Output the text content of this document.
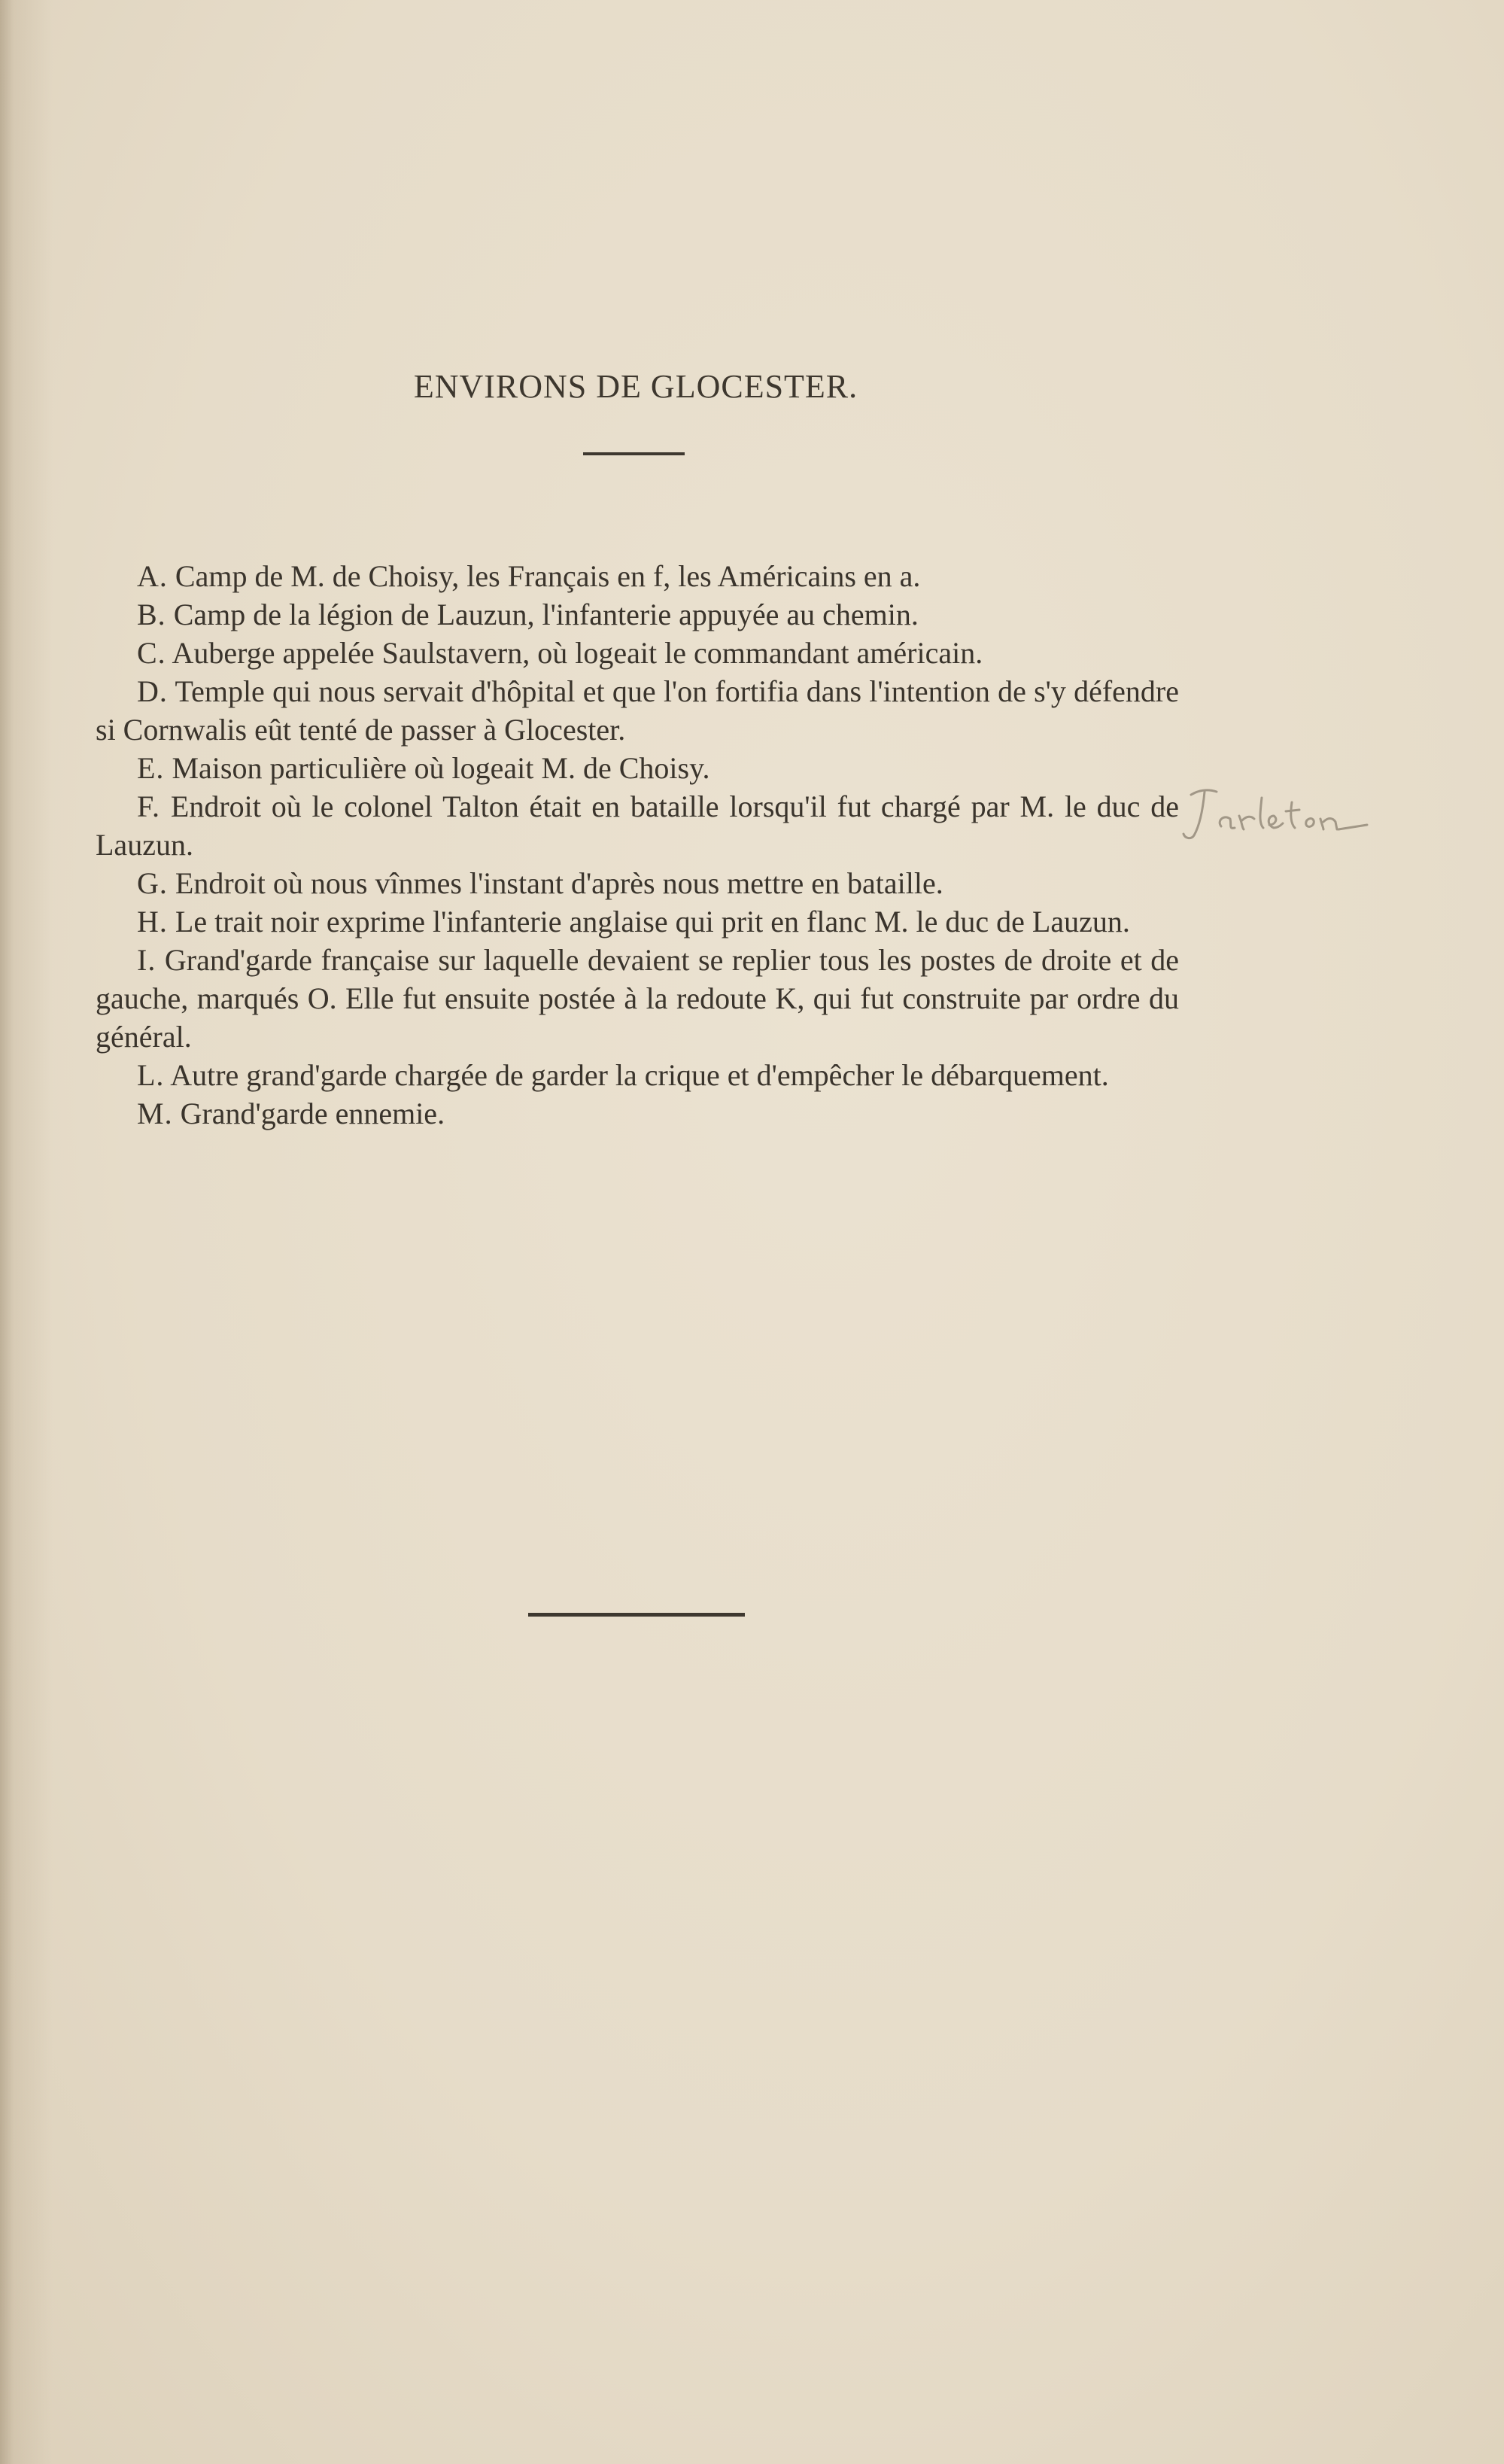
ENVIRONS DE GLOCESTER.

A. Camp de M. de Choisy, les Français en f, les Américains en a.

B. Camp de la légion de Lauzun, l'infanterie appuyée au chemin.

C. Auberge appelée Saulstavern, où logeait le commandant américain.

D. Temple qui nous servait d'hôpital et que l'on fortifia dans l'intention de s'y défendre si Cornwalis eût tenté de passer à Glocester.

E. Maison particulière où logeait M. de Choisy.

F. Endroit où le colonel Talton était en bataille lorsqu'il fut chargé par M. le duc de Lauzun.

G. Endroit où nous vînmes l'instant d'après nous mettre en bataille.

H. Le trait noir exprime l'infanterie anglaise qui prit en flanc M. le duc de Lauzun.

I. Grand'garde française sur laquelle devaient se replier tous les postes de droite et de gauche, marqués O. Elle fut ensuite postée à la redoute K, qui fut construite par ordre du général.

L. Autre grand'garde chargée de garder la crique et d'empêcher le débarquement.

M. Grand'garde ennemie.
